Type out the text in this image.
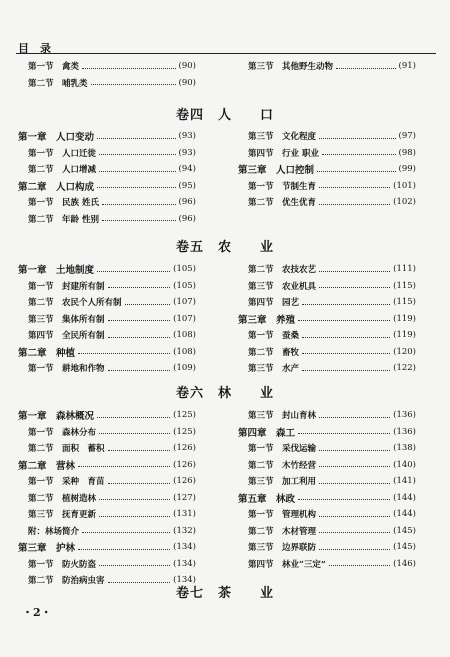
目　录
第一节　禽类	(90)
第二节　哺乳类	(90)
第三节　其他野生动物	(91)
卷四　人　　口
第一章　人口变动	(93)
第一节　人口迁徙	(93)
第二节　人口增减	(94)
第二章　人口构成	(95)
第一节　民族 姓氏	(96)
第二节　年龄 性别	(96)
第三节　文化程度	(97)
第四节　行业 职业	(98)
第三章　人口控制	(99)
第一节　节制生育	(101)
第二节　优生优育	(102)
卷五　农　　业
第一章　土地制度	(105)
第一节　封建所有制	(105)
第二节　农民个人所有制	(107)
第三节　集体所有制	(107)
第四节　全民所有制	(108)
第二章　种植	(108)
第一节　耕地和作物	(109)
第二节　农技农艺	(111)
第三节　农业机具	(115)
第四节　园艺	(115)
第三章　养殖	(119)
第一节　蚕桑	(119)
第二节　畜牧	(120)
第三节　水产	(122)
卷六　林　　业
第一章　森林概况	(125)
第一节　森林分布	(125)
第二节　面积　蓄积	(126)
第二章　营林	(126)
第一节　采种　育苗	(126)
第二节　植树造林	(127)
第三节　抚育更新	(131)
附：林场简介	(132)
第三章　护林	(134)
第一节　防火防盗	(134)
第二节　防治病虫害	(134)
第三节　封山育林	(136)
第四章　森工	(136)
第一节　采伐运输	(138)
第二节　木竹经营	(140)
第三节　加工利用	(141)
第五章　林政	(144)
第一节　管理机构	(144)
第二节　木材管理	(145)
第三节　边界联防	(145)
第四节　林业“三定”	(146)
卷七　茶　　业
・2・
